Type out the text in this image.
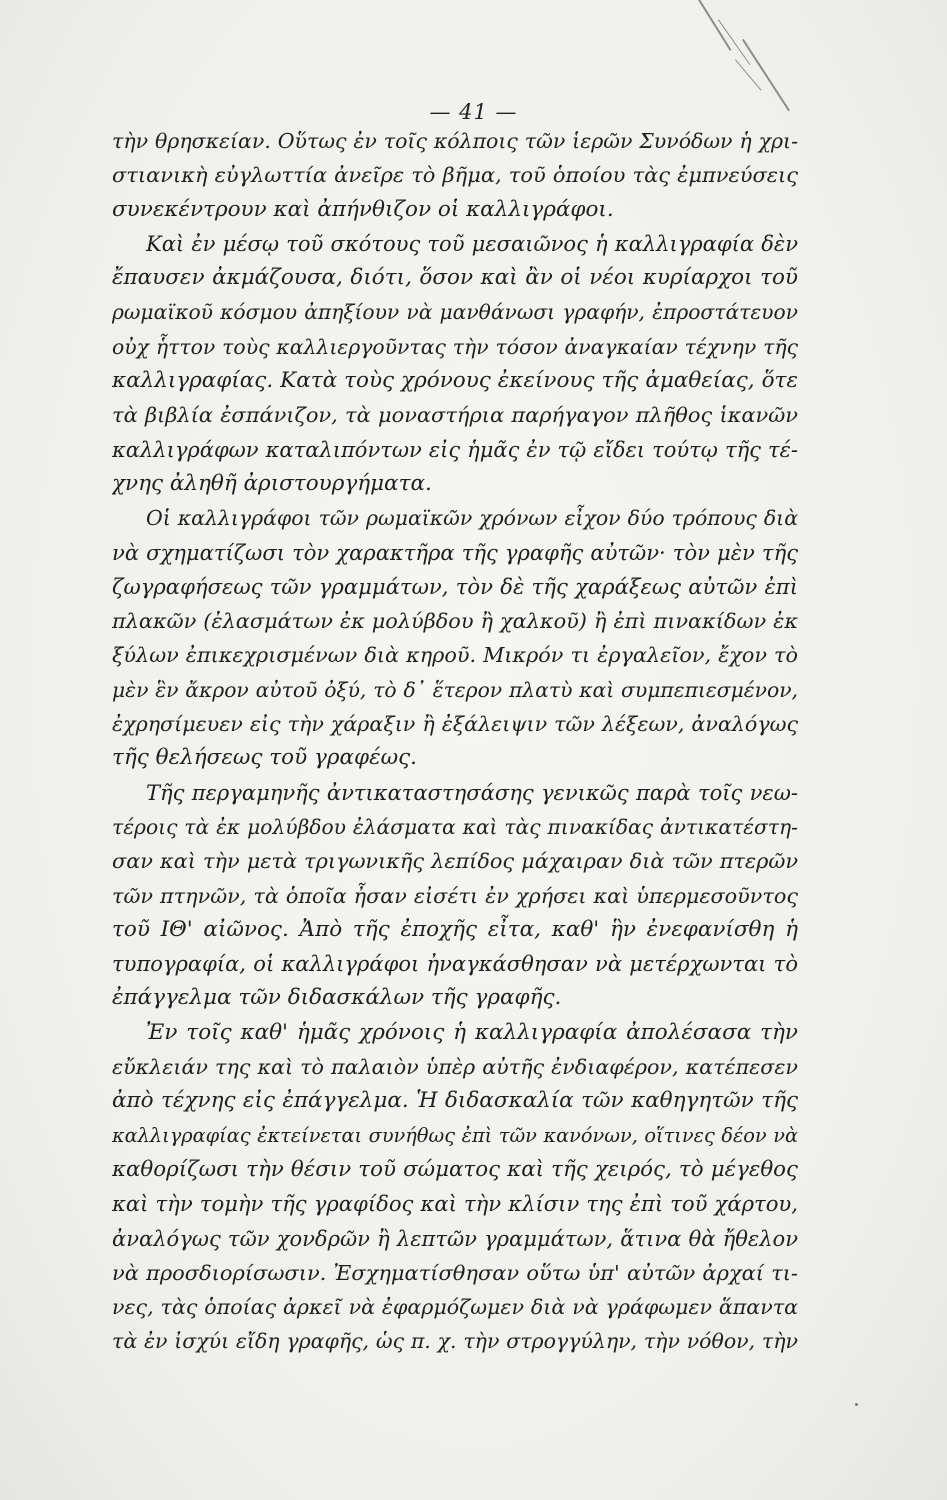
— 41 —
τὴν θρησκείαν. Οὕτως ἐν τοῖς κόλποις τῶν ἱερῶν Συνόδων ἡ χρι-
στιανικὴ εὐγλωττία ἀνεῖρε τὸ βῆμα, τοῦ ὁποίου τὰς ἐμπνεύσεις
συνεκέντρουν καὶ ἀπήνθιζον οἱ καλλιγράφοι.
Καὶ ἐν μέσῳ τοῦ σκότους τοῦ μεσαιῶνος ἡ καλλιγραφία δὲν
ἔπαυσεν ἀκμάζουσα, διότι, ὅσον καὶ ἂν οἱ νέοι κυρίαρχοι τοῦ
ρωμαϊκοῦ κόσμου ἀπηξίουν νὰ μανθάνωσι γραφήν, ἐπροστάτευον
οὐχ ἧττον τοὺς καλλιεργοῦντας τὴν τόσον ἀναγκαίαν τέχνην τῆς
καλλιγραφίας. Κατὰ τοὺς χρόνους ἐκείνους τῆς ἀμαθείας, ὅτε
τὰ βιβλία ἐσπάνιζον, τὰ μοναστήρια παρήγαγον πλῆθος ἱκανῶν
καλλιγράφων καταλιπόντων εἰς ἡμᾶς ἐν τῷ εἴδει τούτῳ τῆς τέ-
χνης ἀληθῆ ἀριστουργήματα.
Οἱ καλλιγράφοι τῶν ρωμαϊκῶν χρόνων εἶχον δύο τρόπους διὰ
νὰ σχηματίζωσι τὸν χαρακτῆρα τῆς γραφῆς αὐτῶν· τὸν μὲν τῆς
ζωγραφήσεως τῶν γραμμάτων, τὸν δὲ τῆς χαράξεως αὐτῶν ἐπὶ
πλακῶν (ἐλασμάτων ἐκ μολύβδου ἢ χαλκοῦ) ἢ ἐπὶ πινακίδων ἐκ
ξύλων ἐπικεχρισμένων διὰ κηροῦ. Μικρόν τι ἐργαλεῖον, ἔχον τὸ
μὲν ἓν ἄκρον αὐτοῦ ὀξύ, τὸ δ᾽ ἕτερον πλατὺ καὶ συμπεπιεσμένον,
ἐχρησίμευεν εἰς τὴν χάραξιν ἢ ἐξάλειψιν τῶν λέξεων, ἀναλόγως
τῆς θελήσεως τοῦ γραφέως.
Τῆς περγαμηνῆς ἀντικαταστησάσης γενικῶς παρὰ τοῖς νεω-
τέροις τὰ ἐκ μολύβδου ἐλάσματα καὶ τὰς πινακίδας ἀντικατέστη-
σαν καὶ τὴν μετὰ τριγωνικῆς λεπίδος μάχαιραν διὰ τῶν πτερῶν
τῶν πτηνῶν, τὰ ὁποῖα ἦσαν εἰσέτι ἐν χρήσει καὶ ὑπερμεσοῦντος
τοῦ ΙΘ' αἰῶνος. Ἀπὸ τῆς ἐποχῆς εἶτα, καθ' ἣν ἐνεφανίσθη ἡ
τυπογραφία, οἱ καλλιγράφοι ἠναγκάσθησαν νὰ μετέρχωνται τὸ
ἐπάγγελμα τῶν διδασκάλων τῆς γραφῆς.
Ἐν τοῖς καθ' ἡμᾶς χρόνοις ἡ καλλιγραφία ἀπολέσασα τὴν
εὔκλειάν της καὶ τὸ παλαιὸν ὑπὲρ αὐτῆς ἐνδιαφέρον, κατέπεσεν
ἀπὸ τέχνης εἰς ἐπάγγελμα. Ἡ διδασκαλία τῶν καθηγητῶν τῆς
καλλιγραφίας ἐκτείνεται συνήθως ἐπὶ τῶν κανόνων, οἵτινες δέον νὰ
καθορίζωσι τὴν θέσιν τοῦ σώματος καὶ τῆς χειρός, τὸ μέγεθος
καὶ τὴν τομὴν τῆς γραφίδος καὶ τὴν κλίσιν της ἐπὶ τοῦ χάρτου,
ἀναλόγως τῶν χονδρῶν ἢ λεπτῶν γραμμάτων, ἅτινα θὰ ἤθελον
νὰ προσδιορίσωσιν. Ἐσχηματίσθησαν οὕτω ὑπ' αὐτῶν ἀρχαί τι-
νες, τὰς ὁποίας ἀρκεῖ νὰ ἐφαρμόζωμεν διὰ νὰ γράφωμεν ἅπαντα
τὰ ἐν ἰσχύι εἴδη γραφῆς, ὡς π. χ. τὴν στρογγύλην, τὴν νόθον, τὴν
